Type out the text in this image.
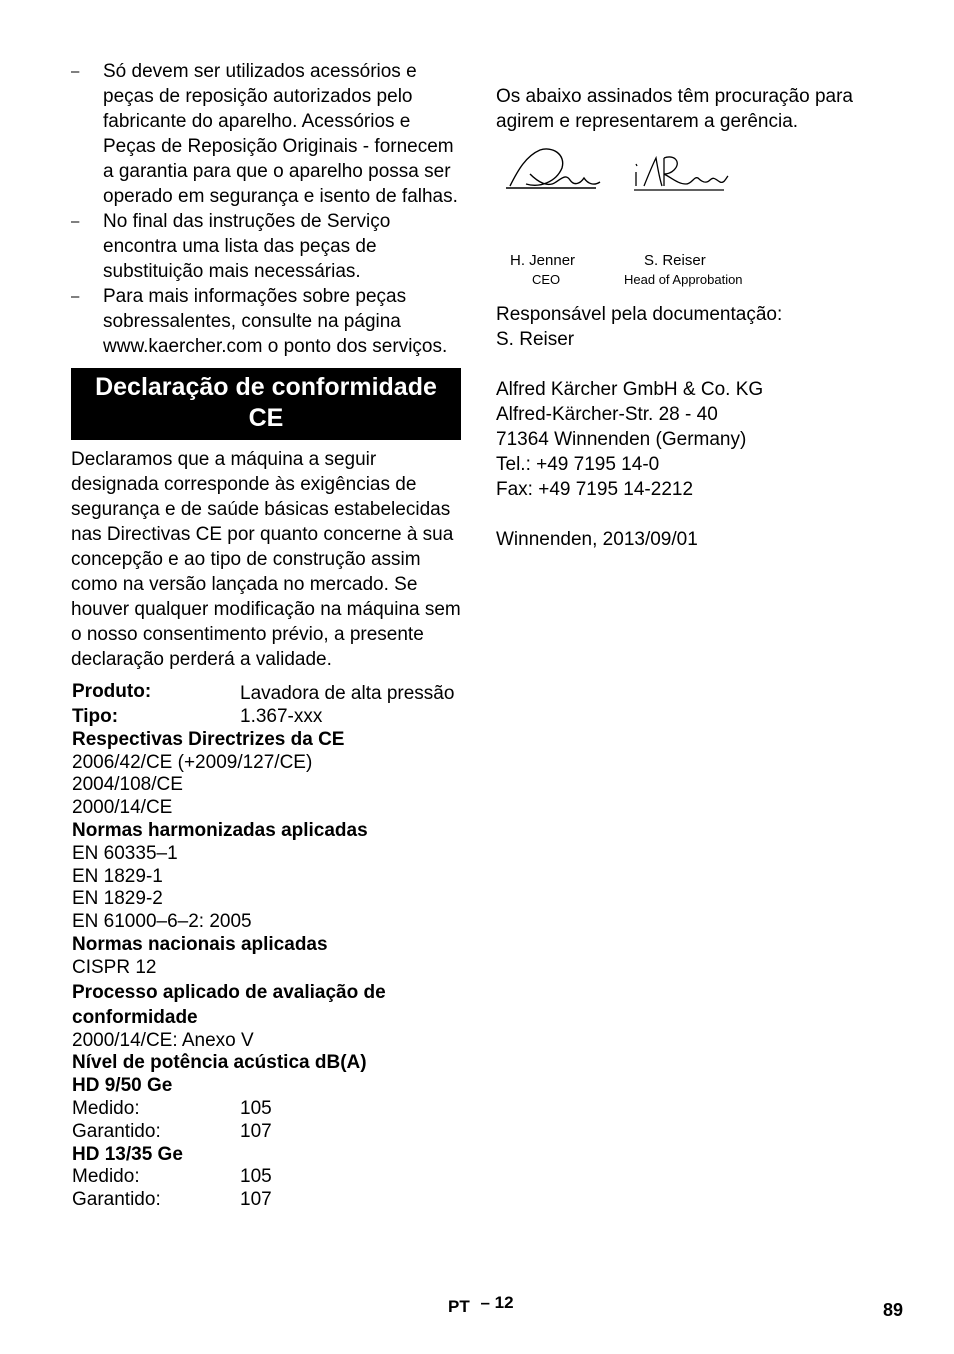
– Só devem ser utilizados acessórios e peças de reposição autorizados pelo fabricante do aparelho. Acessórios e Peças de Reposição Originais - fornecem a garantia para que o aparelho possa ser operado em segurança e isento de falhas.
– No final das instruções de Serviço encontra uma lista das peças de substituição mais necessárias.
– Para mais informações sobre peças sobressalentes, consulte na página www.kaercher.com o ponto dos serviços.
Declaração de conformidade CE

Declaramos que a máquina a seguir designada corresponde às exigências de segurança e de saúde básicas estabelecidas nas Directivas CE por quanto concerne à sua concepção e ao tipo de construção assim como na versão lançada no mercado. Se houver qualquer modificação na máquina sem o nosso consentimento prévio, a presente declaração perderá a validade.

Produto:	Lavadora de alta pressão
Tipo:	1.367-xxx
Respectivas Directrizes da CE
2006/42/CE (+2009/127/CE)
2004/108/CE
2000/14/CE
Normas harmonizadas aplicadas
EN 60335–1
EN 1829-1
EN 1829-2
EN 61000–6–2: 2005
Normas nacionais aplicadas
CISPR 12
Processo aplicado de avaliação de conformidade
2000/14/CE: Anexo V
Nível de potência acústica dB(A)
HD 9/50 Ge
Medido:	105
Garantido:	107
HD 13/35 Ge
Medido:	105
Garantido:	107

Os abaixo assinados têm procuração para agirem e representarem a gerência.

H. Jenner
CEO
S. Reiser
Head of Approbation
Responsável pela documentação:
S. Reiser
Alfred Kärcher GmbH & Co. KG
Alfred-Kärcher-Str. 28 - 40
71364 Winnenden (Germany)
Tel.: +49 7195 14-0
Fax: +49 7195 14-2212
Winnenden, 2013/09/01
PT – 12	89
